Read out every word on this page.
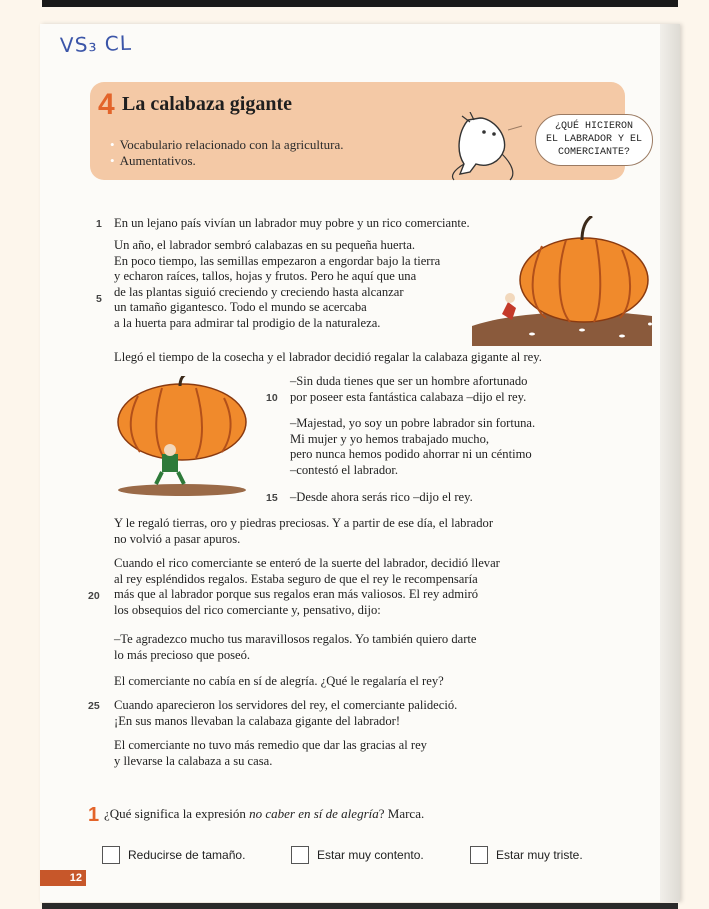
VS₃ CL
4 La calabaza gigante
• Vocabulario relacionado con la agricultura.
• Aumentativos.
¿QUÉ HICIERON
EL LABRADOR Y EL
COMERCIANTE?
En un lejano país vivían un labrador muy pobre y un rico comerciante.
Un año, el labrador sembró calabazas en su pequeña huerta.
En poco tiempo, las semillas empezaron a engordar bajo la tierra
y echaron raíces, tallos, hojas y frutos. Pero he aquí que una
de las plantas siguió creciendo y creciendo hasta alcanzar
un tamaño gigantesco. Todo el mundo se acercaba
a la huerta para admirar tal prodigio de la naturaleza.
Llegó el tiempo de la cosecha y el labrador decidió regalar la calabaza gigante al rey.
–Sin duda tienes que ser un hombre afortunado
por poseer esta fantástica calabaza –dijo el rey.
–Majestad, yo soy un pobre labrador sin fortuna.
Mi mujer y yo hemos trabajado mucho,
pero nunca hemos podido ahorrar ni un céntimo
–contestó el labrador.
–Desde ahora serás rico –dijo el rey.
Y le regaló tierras, oro y piedras preciosas. Y a partir de ese día, el labrador
no volvió a pasar apuros.
Cuando el rico comerciante se enteró de la suerte del labrador, decidió llevar
al rey espléndidos regalos. Estaba seguro de que el rey le recompensaría
más que al labrador porque sus regalos eran más valiosos. El rey admiró
los obsequios del rico comerciante y, pensativo, dijo:
–Te agradezco mucho tus maravillosos regalos. Yo también quiero darte
lo más precioso que poseó.
El comerciante no cabía en sí de alegría. ¿Qué le regalaría el rey?
Cuando aparecieron los servidores del rey, el comerciante palideció.
¡En sus manos llevaban la calabaza gigante del labrador!
El comerciante no tuvo más remedio que dar las gracias al rey
y llevarse la calabaza a su casa.
1
5
10
15
20
25
1 ¿Qué significa la expresión no caber en sí de alegría? Marca.
Reducirse de tamaño.	Estar muy contento.	Estar muy triste.
12
